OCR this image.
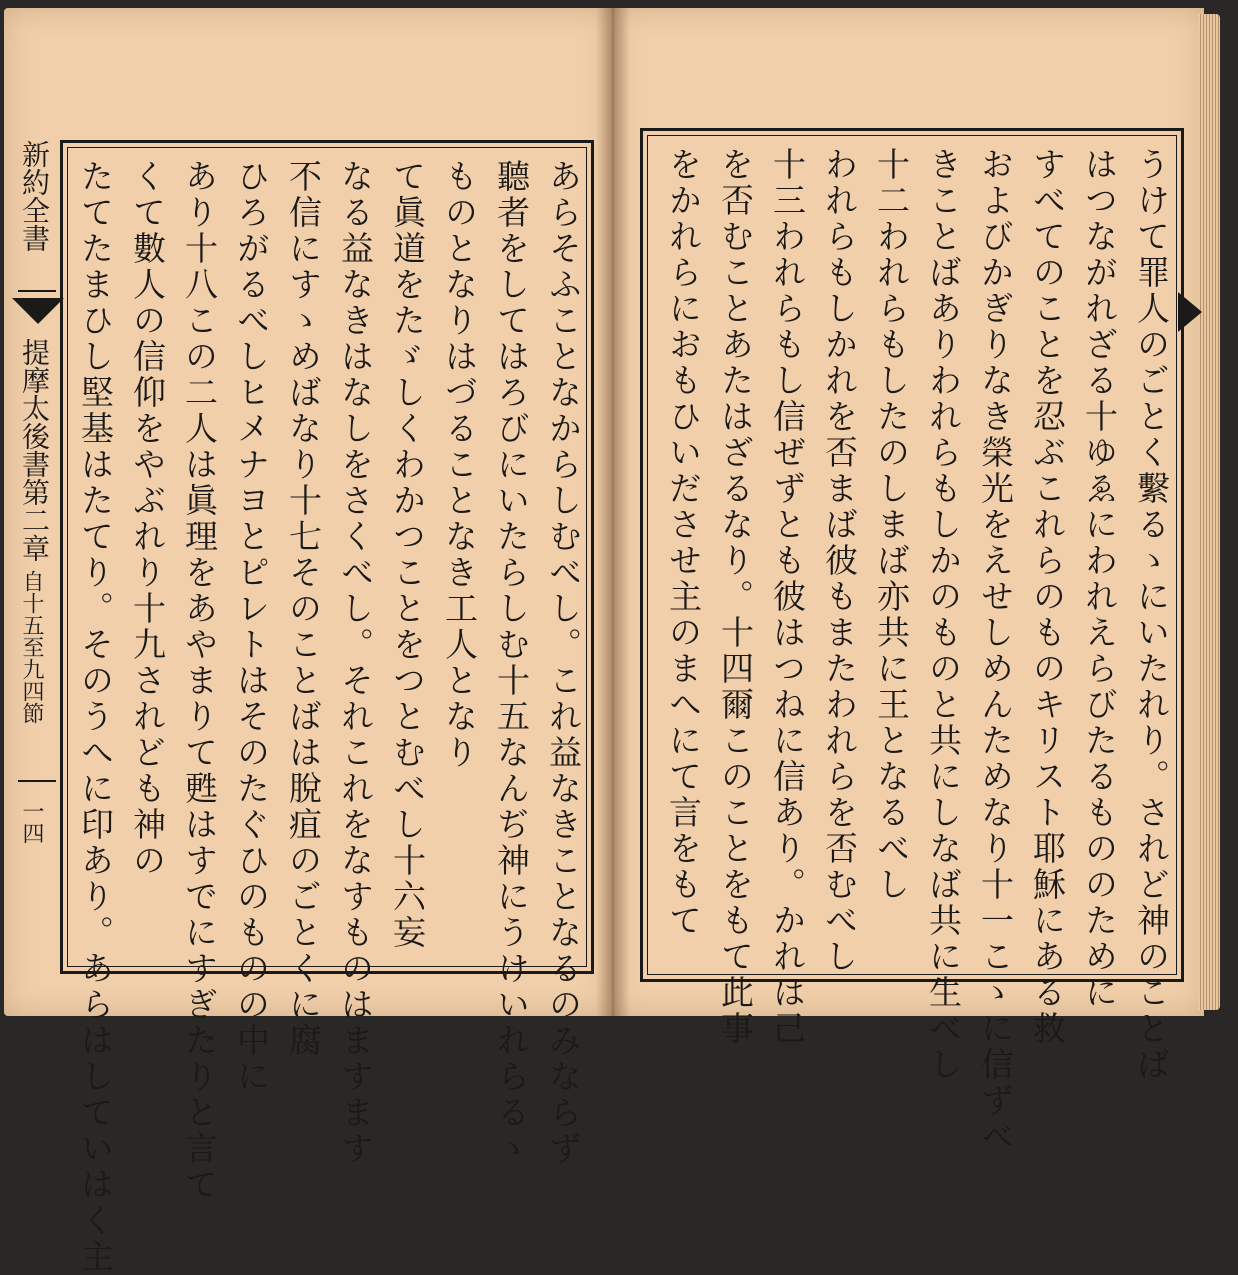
新約全書
提摩太後書第二章
自十五至九四節
一四	あらそふことなからしむべし。これ益なきことなるのみならず
聽者をしてはろびにいたらしむ十五なんぢ神にうけいれらるゝ
ものとなりはづることなき工人となり
て眞道をたゞしくわかつことをつとむべし十六妄
なる益なきはなしをさくべし。それこれをなすものはますます
不信にすゝめばなり十七そのことばは脫疽のごとくに腐
ひろがるべしヒメナヨとピレトはそのたぐひのものの中に
あり十八この二人は眞理をあやまりて甦はすでにすぎたりと言て
くて數人の信仰をやぶれり十九されども神の
たてたまひし堅基はたてり。そのうへに印あり。あらはしていはく主	うけて罪人のごとく繫るゝにいたれり。されど神のことば
はつながれざる十ゆゑにわれえらびたるもののために
すべてのことを忍ぶこれらのものキリスト耶穌にある救
およびかぎりなき榮光をえせしめんためなり十一こゝに信ずべ
きことばありわれらもしかのものと共にしなば共に生べし
十二われらもしたのしまば亦共に王となるべし
われらもしかれを否まば彼もまたわれらを否むべし
十三われらもし信ぜずとも彼はつねに信あり。かれは己
を否むことあたはざるなり。十四爾このことをもて此事
をかれらにおもひいださせ主のまへにて言をもて
